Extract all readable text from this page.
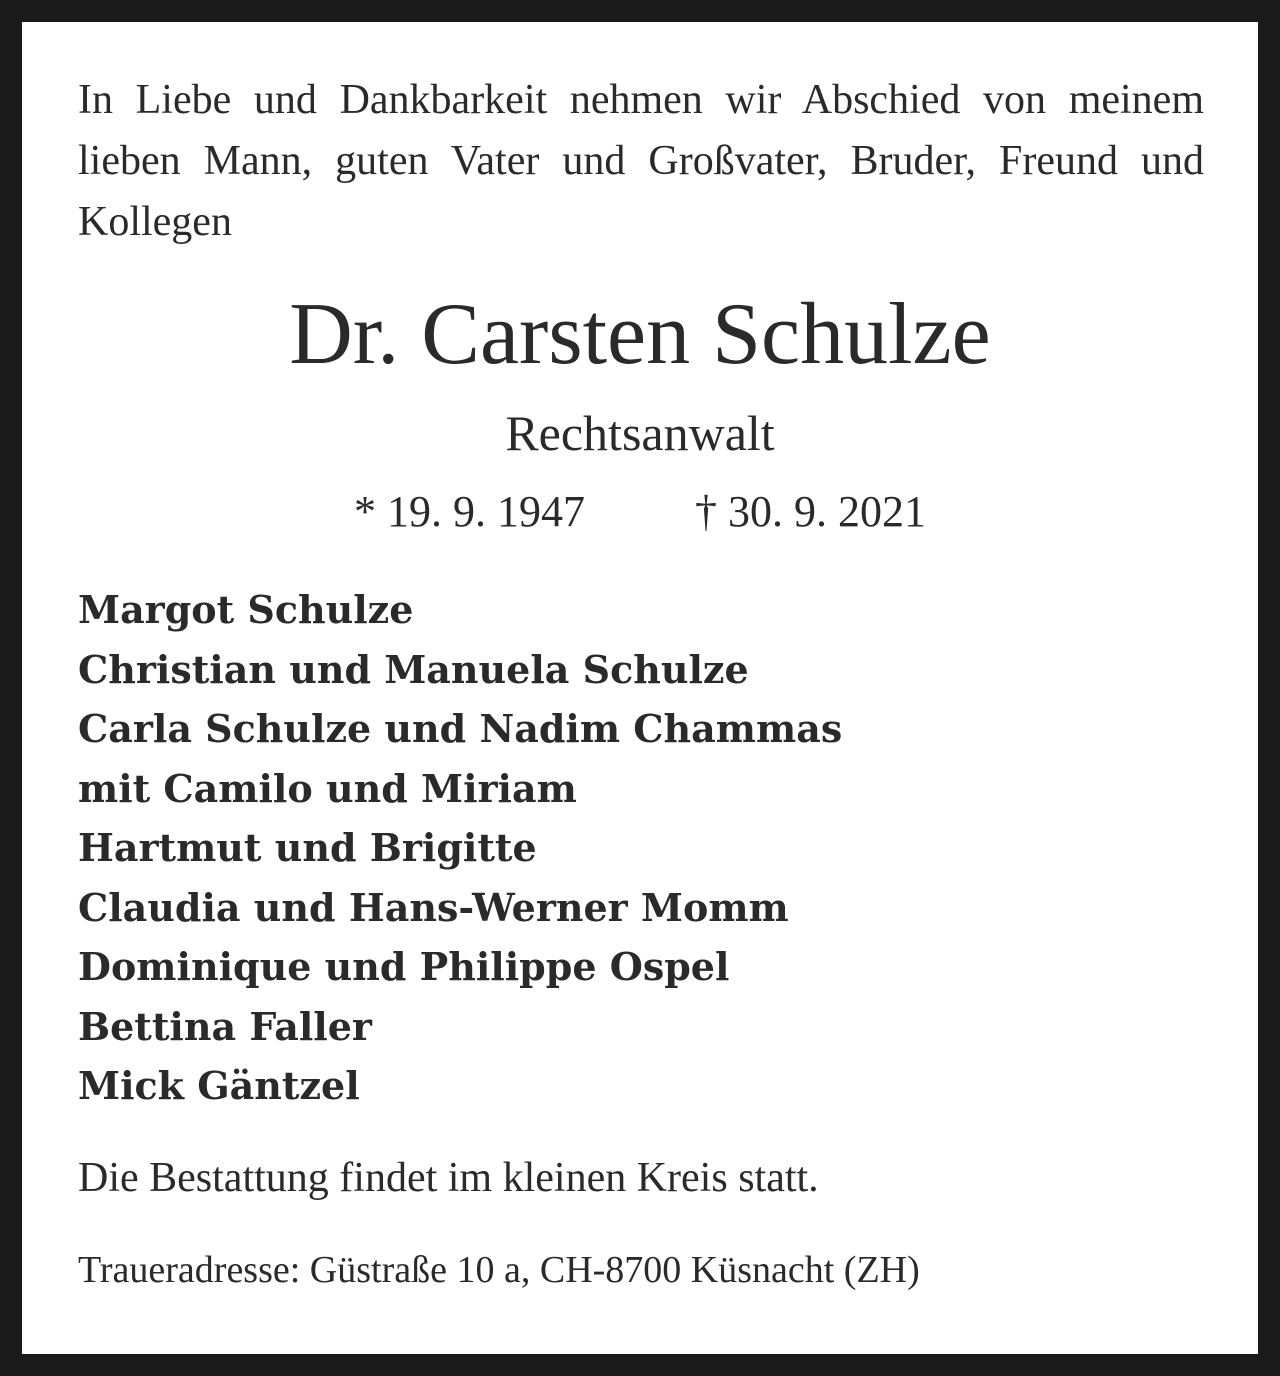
In Liebe und Dankbarkeit nehmen wir Abschied von meinem lieben Mann, guten Vater und Großvater, Bruder, Freund und Kollegen

Dr. Carsten Schulze

Rechtsanwalt

* 19. 9. 1947	† 30. 9. 2021

Margot Schulze
Christian und Manuela Schulze
Carla Schulze und Nadim Chammas
mit Camilo und Miriam
Hartmut und Brigitte
Claudia und Hans-Werner Momm
Dominique und Philippe Ospel
Bettina Faller
Mick Gäntzel

Die Bestattung findet im kleinen Kreis statt.

Traueradresse: Güstraße 10 a, CH-8700 Küsnacht (ZH)
